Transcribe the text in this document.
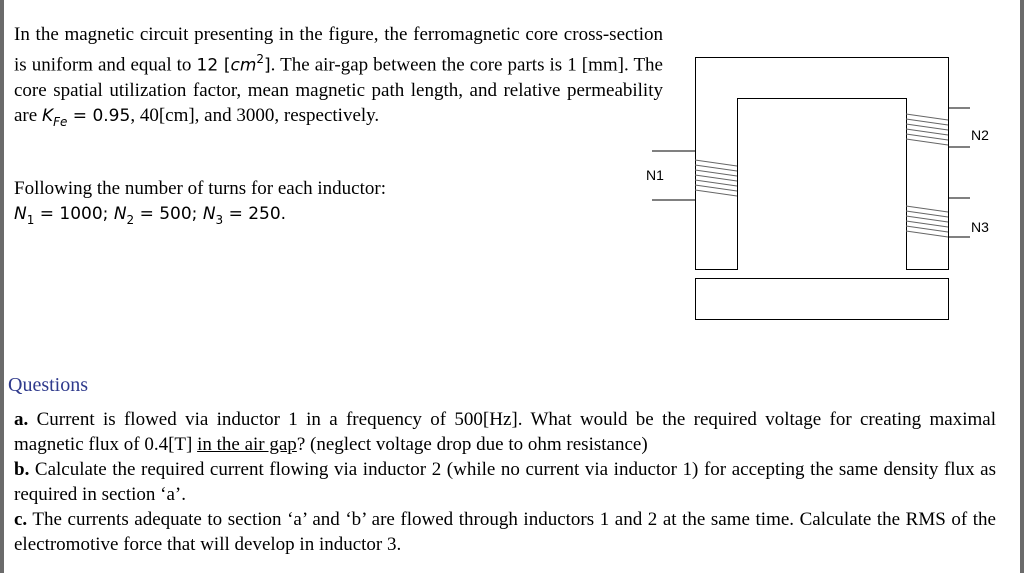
In the magnetic circuit presenting in the figure, the ferromagnetic core cross-section is uniform and equal to 12 $[cm^2]$. The air-gap between the core parts is 1 [mm]. The core spatial utilization factor, mean magnetic path length, and relative permeability are $K_{Fe} = 0.95$, 40[cm], and 3000, respectively.
Following the number of turns for each inductor:
$N_1 = 1000$; $N_2 = 500$; $N_3 = 250$.
N1
N2
N3
Questions

a. Current is flowed via inductor 1 in a frequency of 500[Hz]. What would be the required voltage for creating maximal magnetic flux of 0.4[T] in the air gap? (neglect voltage drop due to ohm resistance)

b. Calculate the required current flowing via inductor 2 (while no current via inductor 1) for accepting the same density flux as required in section ‘a’.

c. The currents adequate to section ‘a’ and ‘b’ are flowed through inductors 1 and 2 at the same time. Calculate the RMS of the electromotive force that will develop in inductor 3.
